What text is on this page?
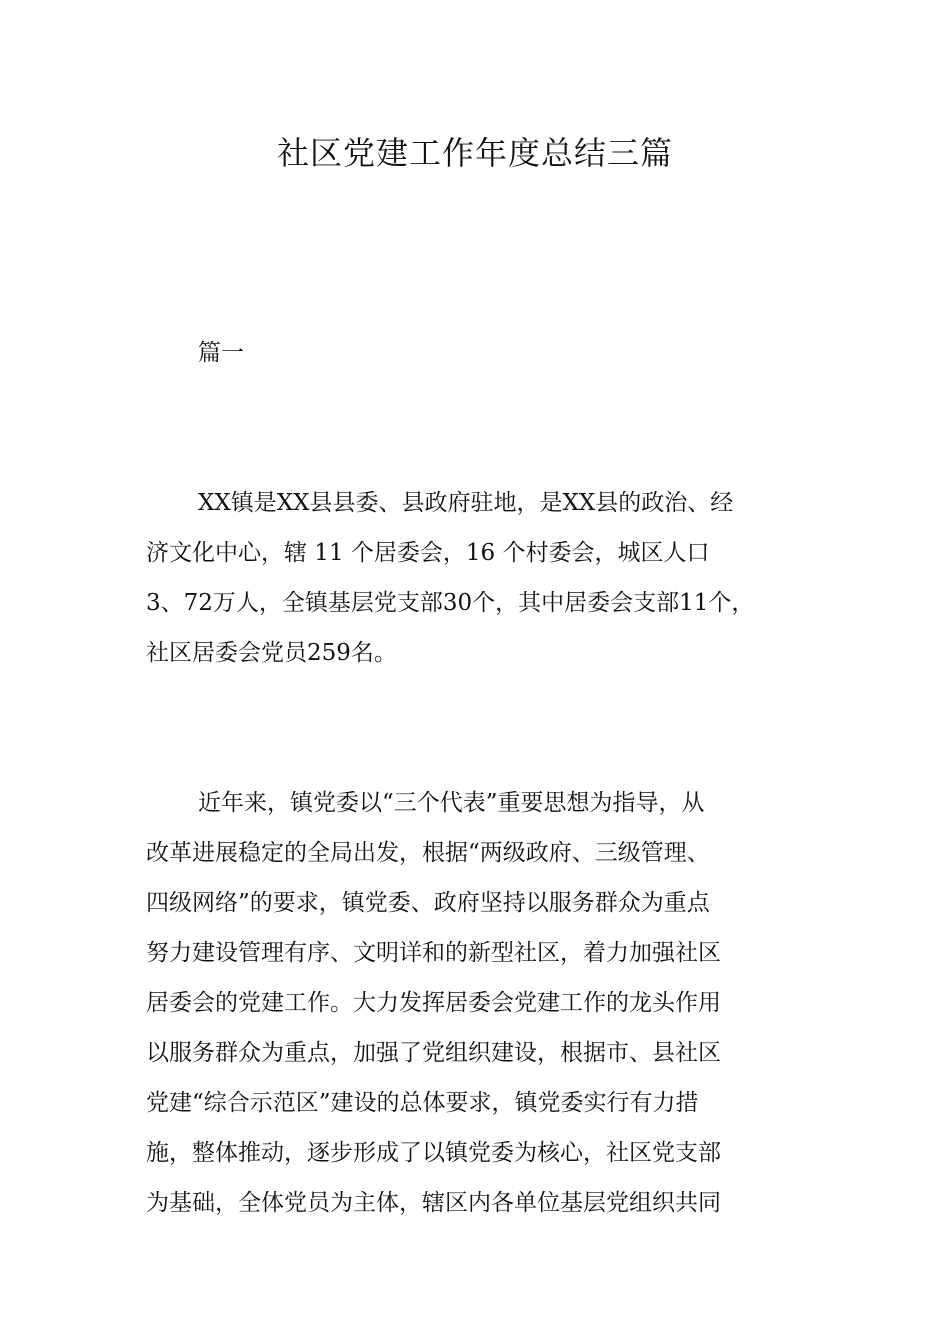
社区党建工作年度总结三篇
篇一
XX镇是XX县县委、县政府驻地，是XX县的政治、经
济文化中心，辖 11 个居委会，16 个村委会，城区人口
3、72万人，全镇基层党支部30个，其中居委会支部11个，
社区居委会党员259名。
近年来，镇党委以“三个代表”重要思想为指导，从
改革进展稳定的全局出发，根据“两级政府、三级管理、
四级网络”的要求，镇党委、政府坚持以服务群众为重点
努力建设管理有序、文明详和的新型社区，着力加强社区
居委会的党建工作。大力发挥居委会党建工作的龙头作用
以服务群众为重点，加强了党组织建设，根据市、县社区
党建“综合示范区”建设的总体要求，镇党委实行有力措
施，整体推动，逐步形成了以镇党委为核心，社区党支部
为基础，全体党员为主体，辖区内各单位基层党组织共同
